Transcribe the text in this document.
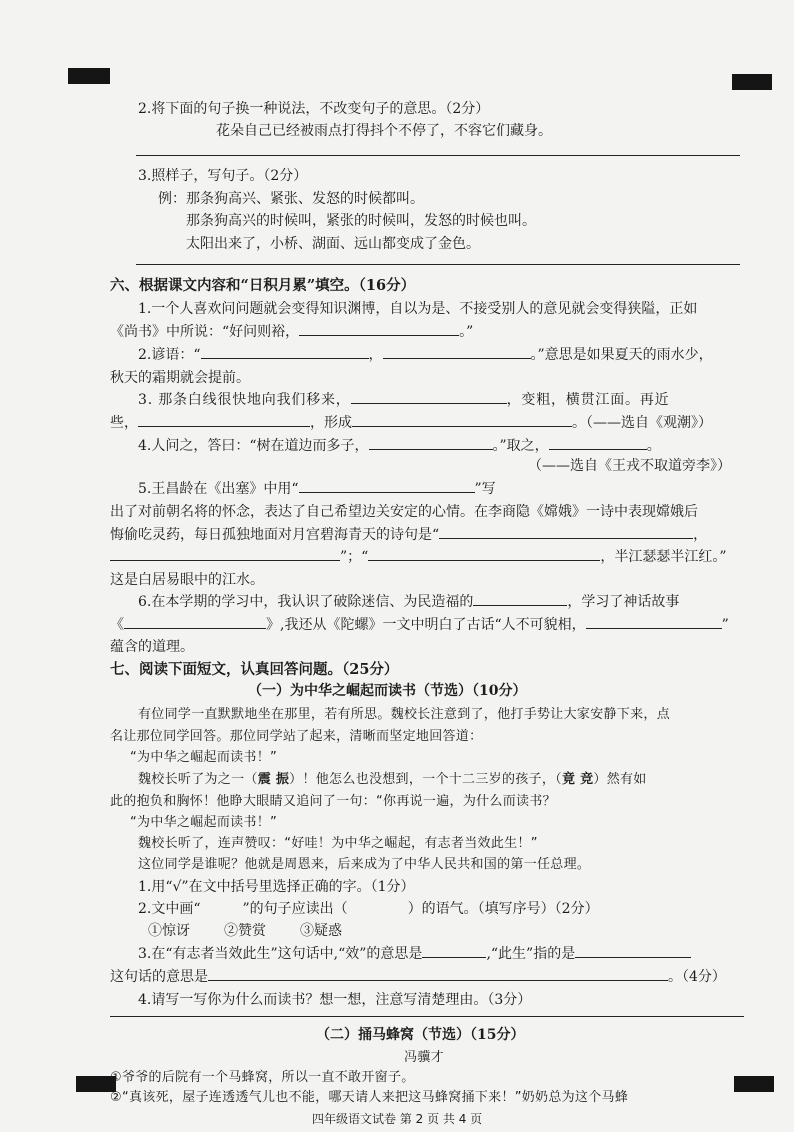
2.将下面的句子换一种说法，不改变句子的意思。（2分）
花朵自己已经被雨点打得抖个不停了，不容它们藏身。
3.照样子，写句子。（2分）
例：那条狗高兴、紧张、发怒的时候都叫。
那条狗高兴的时候叫，紧张的时候叫，发怒的时候也叫。
太阳出来了，小桥、湖面、远山都变成了金色。
六、根据课文内容和“日积月累”填空。（16分）
1.一个人喜欢问问题就会变得知识渊博，自以为是、不接受别人的意见就会变得狭隘，正如
《尚书》中所说：“好问则裕，	。”
2.谚语：“	，	。”意思是如果夏天的雨水少，
秋天的霜期就会提前。
3. 那条白线很快地向我们移来，	，变粗，横贯江面。再近
些，	，形成	。（——选自《观潮》）
4.人问之，答曰：“树在道边而多子，	。”取之，	。
（——选自《王戎不取道旁李》）
5.王昌龄在《出塞》中用“	”写
出了对前朝名将的怀念，表达了自己希望边关安定的心情。在李商隐《嫦娥》一诗中表现嫦娥后
悔偷吃灵药，每日孤独地面对月宫碧海青天的诗句是“	，
”；“	，半江瑟瑟半江红。”
这是白居易眼中的江水。
6.在本学期的学习中，我认识了破除迷信、为民造福的	，学习了神话故事
《	》,我还从《陀螺》一文中明白了古话“人不可貌相，	”
蕴含的道理。
七、阅读下面短文，认真回答问题。（25分）
（一）为中华之崛起而读书（节选）（10分）
有位同学一直默默地坐在那里，若有所思。魏校长注意到了，他打手势让大家安静下来，点
名让那位同学回答。那位同学站了起来，清晰而坚定地回答道：
“为中华之崛起而读书！”
魏校长听了为之一（震 振）！他怎么也没想到，一个十二三岁的孩子，（竟 竞）然有如
此的抱负和胸怀！他睁大眼睛又追问了一句：“你再说一遍，为什么而读书？
“为中华之崛起而读书！”
魏校长听了，连声赞叹：“好哇！为中华之崛起，有志者当效此生！”
这位同学是谁呢？他就是周恩来，后来成为了中华人民共和国的第一任总理。
1.用“√”在文中括号里选择正确的字。（1分）
2.文中画“	”的句子应读出（	）的语气。（填写序号）（2分）
①惊讶 ②赞赏 ③疑惑
3.在“有志者当效此生”这句话中,“效”的意思是	,“此生”指的是
这句话的意思是	。（4分）
4.请写一写你为什么而读书？想一想，注意写清楚理由。（3分）
（二）捅马蜂窝（节选）（15分）
冯骥才
①爷爷的后院有一个马蜂窝，所以一直不敢开窗子。
②“真该死，屋子连透透气儿也不能，哪天请人来把这马蜂窝捅下来！”奶奶总为这个马蜂
四年级语文试卷 第 2 页 共 4 页
